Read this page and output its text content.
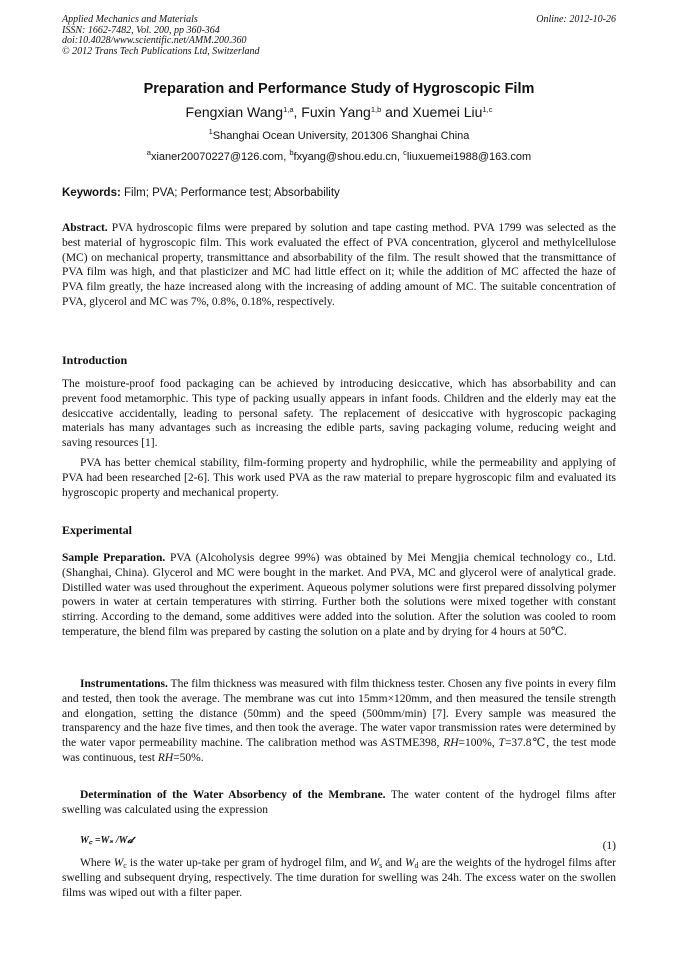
Applied Mechanics and Materials
ISSN: 1662-7482, Vol. 200, pp 360-364
doi:10.4028/www.scientific.net/AMM.200.360
© 2012 Trans Tech Publications Ltd, Switzerland
Online: 2012-10-26
Preparation and Performance Study of Hygroscopic Film
Fengxian Wang$^{1,a}$, Fuxin Yang$^{1,b}$ and Xuemei Liu$^{1,c}$
$^1$Shanghai Ocean University, 201306 Shanghai China
$^a$xianer20070227@126.com, $^b$fxyang@shou.edu.cn, $^c$liuxuemei1988@163.com
Keywords: Film; PVA; Performance test; Absorbability

Abstract. PVA hydroscopic films were prepared by solution and tape casting method. PVA 1799 was selected as the best material of hygroscopic film. This work evaluated the effect of PVA concentration, glycerol and methylcellulose (MC) on mechanical property, transmittance and absorbability of the film. The result showed that the transmittance of PVA film was high, and that plasticizer and MC had little effect on it; while the addition of MC affected the haze of PVA film greatly, the haze increased along with the increasing of adding amount of MC. The suitable concentration of PVA, glycerol and MC was 7%, 0.8%, 0.18%, respectively.

Introduction

The moisture-proof food packaging can be achieved by introducing desiccative, which has absorbability and can prevent food metamorphic. This type of packing usually appears in infant foods. Children and the elderly may eat the desiccative accidentally, leading to personal safety. The replacement of desiccative with hygroscopic packaging materials has many advantages such as increasing the edible parts, saving packaging volume, reducing weight and saving resources [1].

PVA has better chemical stability, film-forming property and hydrophilic, while the permeability and applying of PVA had been researched [2-6]. This work used PVA as the raw material to prepare hygroscopic film and evaluated its hygroscopic property and mechanical property.

Experimental

Sample Preparation. PVA (Alcoholysis degree 99%) was obtained by Mei Mengjia chemical technology co., Ltd. (Shanghai, China). Glycerol and MC were bought in the market. And PVA, MC and glycerol were of analytical grade. Distilled water was used throughout the experiment. Aqueous polymer solutions were first prepared dissolving polymer powers in water at certain temperatures with stirring. Further both the solutions were mixed together with constant stirring. According to the demand, some additives were added into the solution. After the solution was cooled to room temperature, the blend film was prepared by casting the solution on a plate and by drying for 4 hours at 50℃.

Instrumentations. The film thickness was measured with film thickness tester. Chosen any five points in every film and tested, then took the average. The membrane was cut into 15mm×120mm, and then measured the tensile strength and elongation, setting the distance (50mm) and the speed (500mm/min) [7]. Every sample was measured the transparency and the haze five times, and then took the average. The water vapor transmission rates were determined by the water vapor permeability machine. The calibration method was ASTME398, RH=100%, T=37.8℃, the test mode was continuous, test RH=50%.

Determination of the Water Absorbency of the Membrane. The water content of the hydrogel films after swelling was calculated using the expression

W꜀ =Wₛ /W𝒹	(1)

Where $W_c$ is the water up-take per gram of hydrogel film, and $W_s$ and $W_d$ are the weights of the hydrogel films after swelling and subsequent drying, respectively. The time duration for swelling was 24h. The excess water on the swollen films was wiped out with a filter paper.
